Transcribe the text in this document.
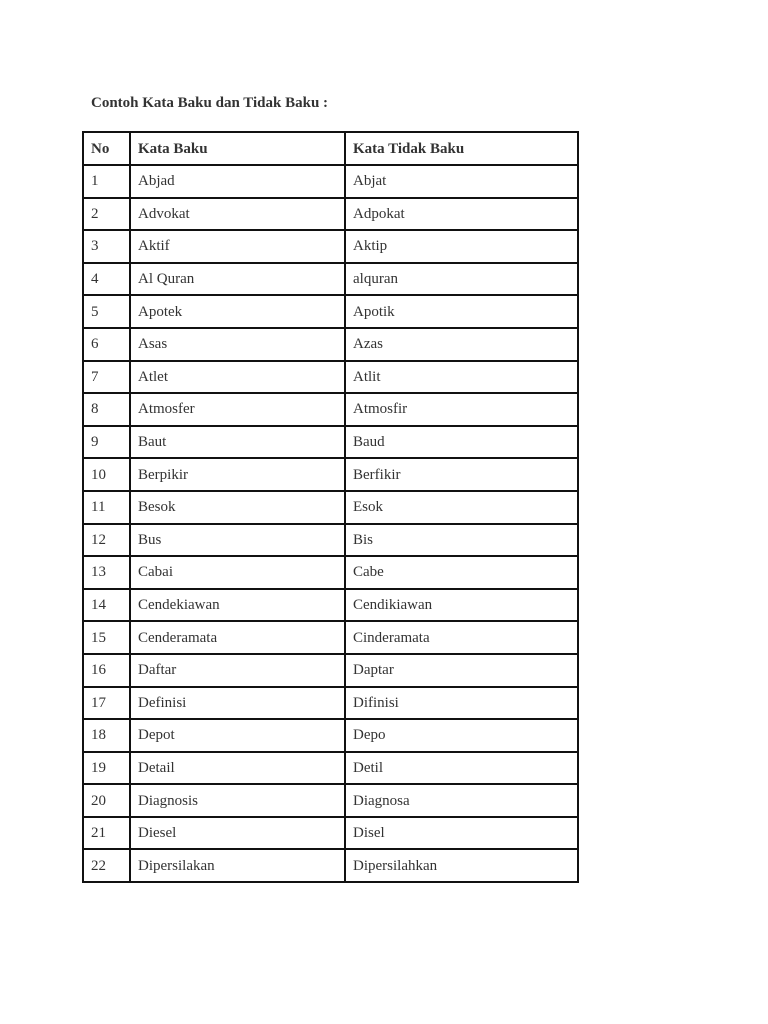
Contoh Kata Baku dan Tidak Baku :

No	Kata Baku	Kata Tidak Baku
1	Abjad	Abjat
2	Advokat	Adpokat
3	Aktif	Aktip
4	Al Quran	alquran
5	Apotek	Apotik
6	Asas	Azas
7	Atlet	Atlit
8	Atmosfer	Atmosfir
9	Baut	Baud
10	Berpikir	Berfikir
11	Besok	Esok
12	Bus	Bis
13	Cabai	Cabe
14	Cendekiawan	Cendikiawan
15	Cenderamata	Cinderamata
16	Daftar	Daptar
17	Definisi	Difinisi
18	Depot	Depo
19	Detail	Detil
20	Diagnosis	Diagnosa
21	Diesel	Disel
22	Dipersilakan	Dipersilahkan
